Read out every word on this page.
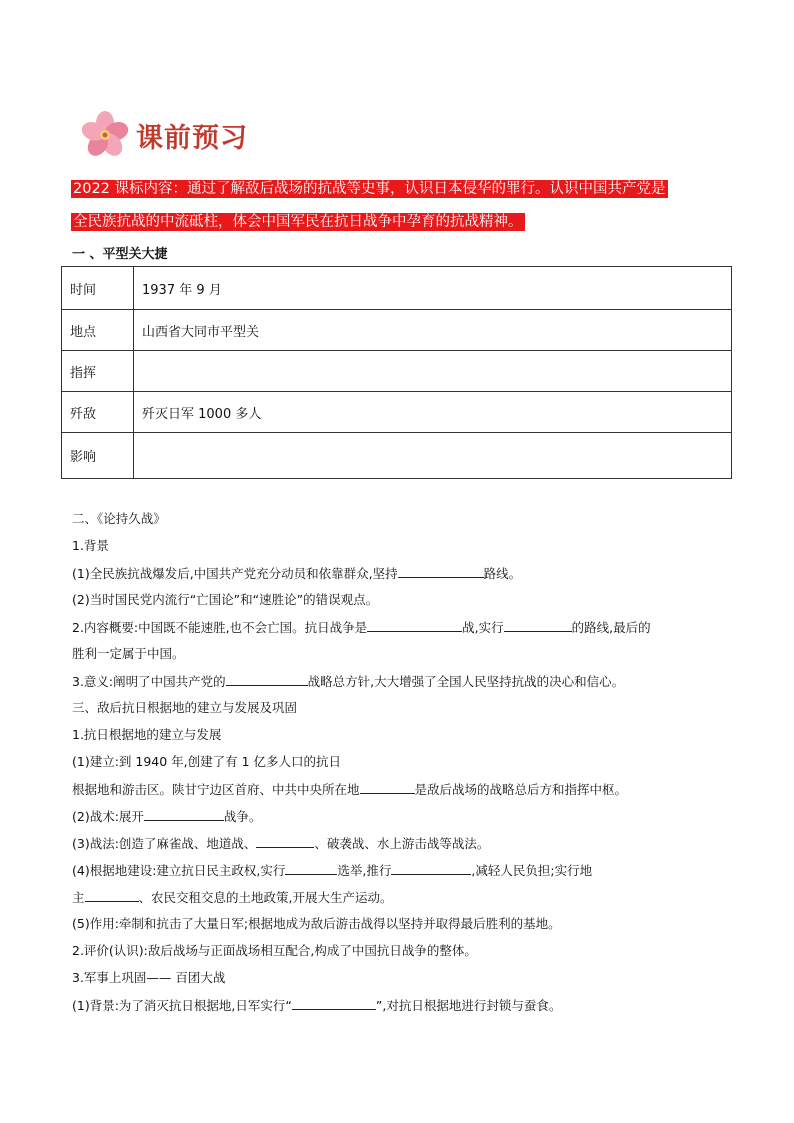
课前预习
2022 课标内容：通过了解敌后战场的抗战等史事，认识日本侵华的罪行。认识中国共产党是
全民族抗战的中流砥柱，体会中国军民在抗日战争中孕育的抗战精神。
一 、平型关大捷
时间	1937 年 9 月
地点	山西省大同市平型关
指挥	
歼敌	歼灭日军 1000 多人
影响	
二、《论持久战》
1.背景
(1)全民族抗战爆发后,中国共产党充分动员和依靠群众,坚持	路线。
(2)当时国民党内流行“亡国论”和“速胜论”的错误观点。
2.内容概要:中国既不能速胜,也不会亡国。抗日战争是	战,实行	的路线,最后的
胜利一定属于中国。
3.意义:阐明了中国共产党的	战略总方针,大大增强了全国人民坚持抗战的决心和信心。
三、敌后抗日根据地的建立与发展及巩固
1.抗日根据地的建立与发展
(1)建立:到 1940 年,创建了有 1 亿多人口的抗日
根据地和游击区。陕甘宁边区首府、中共中央所在地	是敌后战场的战略总后方和指挥中枢。
(2)战术:展开	战争。
(3)战法:创造了麻雀战、地道战、	、破袭战、水上游击战等战法。
(4)根据地建设:建立抗日民主政权,实行	选举,推行	,减轻人民负担;实行地
主	、农民交租交息的土地政策,开展大生产运动。
(5)作用:牵制和抗击了大量日军;根据地成为敌后游击战得以坚持并取得最后胜利的基地。
2.评价(认识):敌后战场与正面战场相互配合,构成了中国抗日战争的整体。
3.军事上巩固—— 百团大战
(1)背景:为了消灭抗日根据地,日军实行“	”,对抗日根据地进行封锁与蚕食。
